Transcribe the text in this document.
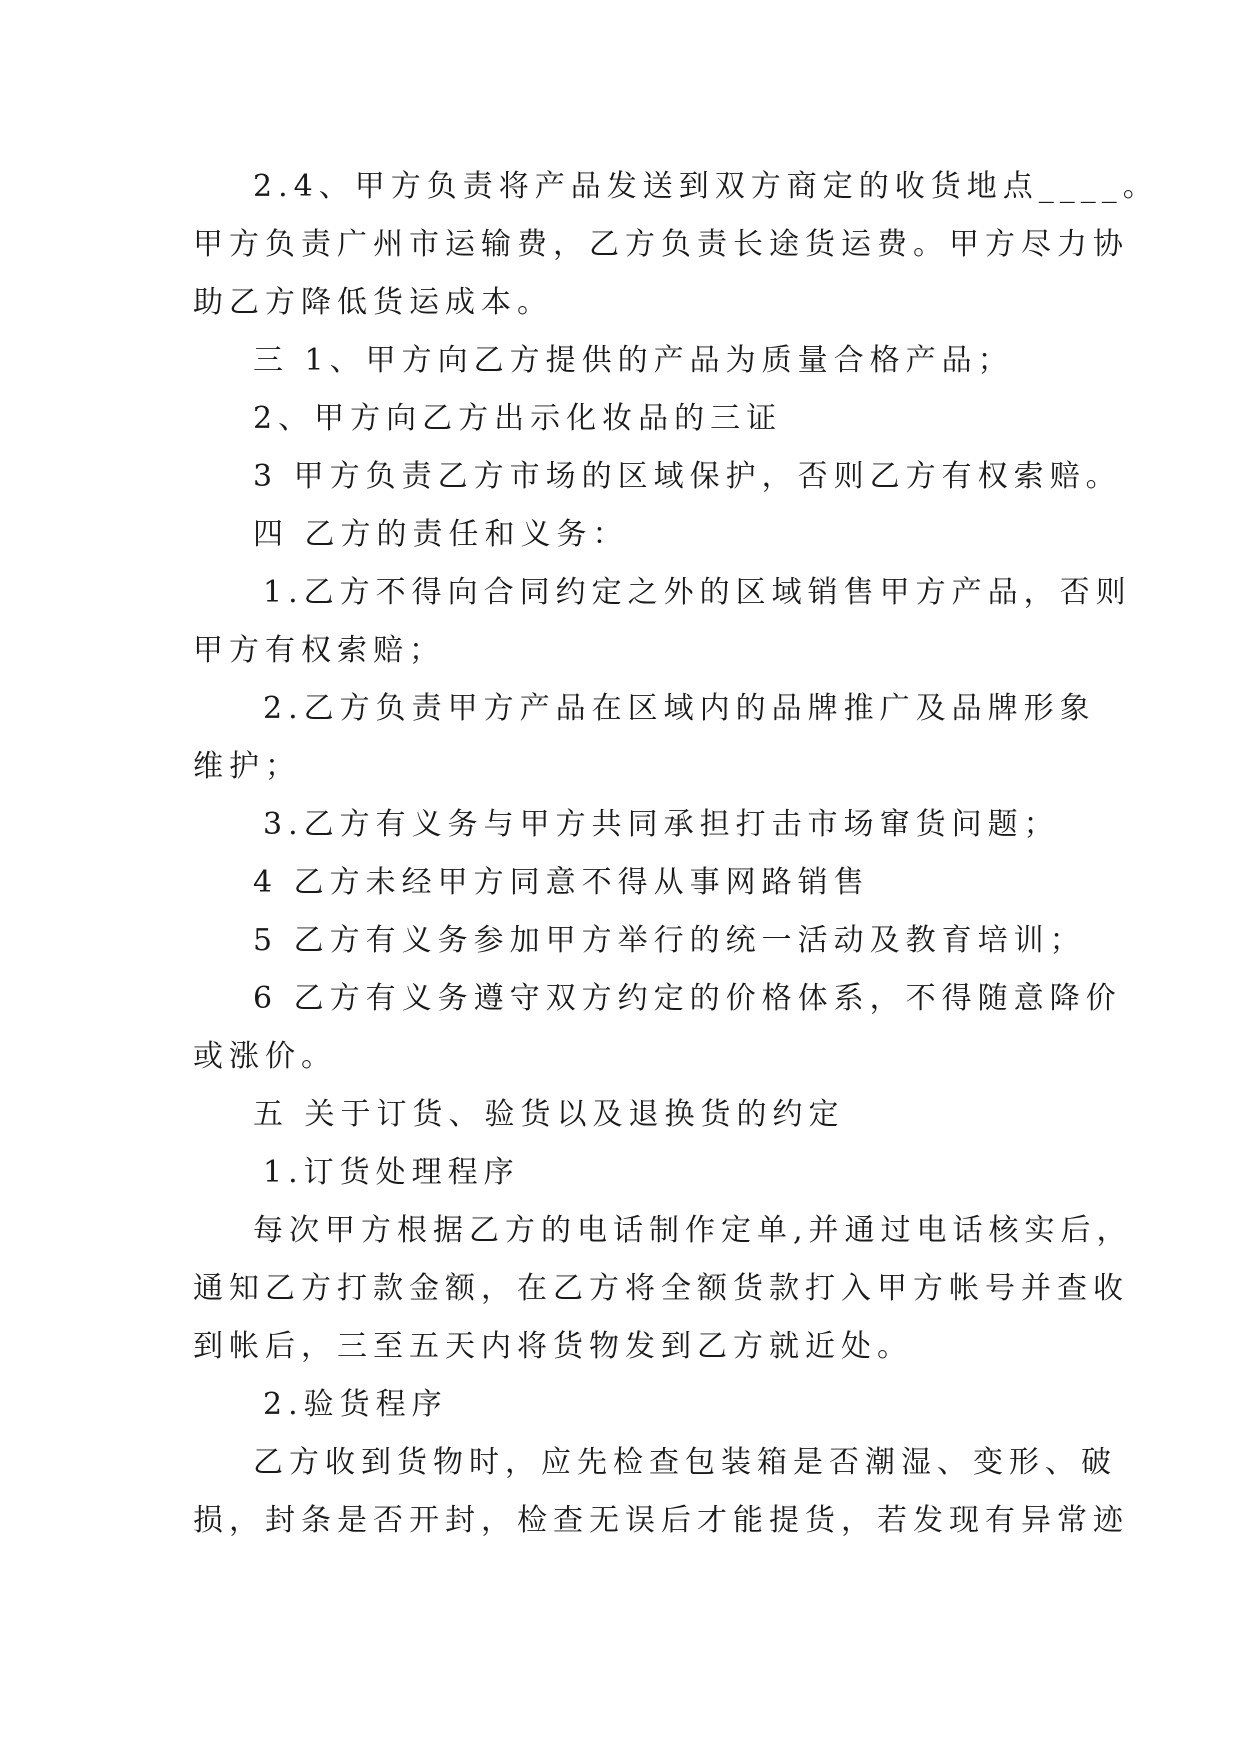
2.4、甲方负责将产品发送到双方商定的收货地点____。
甲方负责广州市运输费，乙方负责长途货运费。甲方尽力协
助乙方降低货运成本。
三 1、甲方向乙方提供的产品为质量合格产品；
2、甲方向乙方出示化妆品的三证
3 甲方负责乙方市场的区域保护，否则乙方有权索赔。
四 乙方的责任和义务：
1.乙方不得向合同约定之外的区域销售甲方产品，否则
甲方有权索赔；
2.乙方负责甲方产品在区域内的品牌推广及品牌形象
维护；
3.乙方有义务与甲方共同承担打击市场窜货问题；
4 乙方未经甲方同意不得从事网路销售
5 乙方有义务参加甲方举行的统一活动及教育培训；
6 乙方有义务遵守双方约定的价格体系，不得随意降价
或涨价。
五 关于订货、验货以及退换货的约定
1.订货处理程序
每次甲方根据乙方的电话制作定单,并通过电话核实后，
通知乙方打款金额，在乙方将全额货款打入甲方帐号并查收
到帐后，三至五天内将货物发到乙方就近处。
2.验货程序
乙方收到货物时，应先检查包装箱是否潮湿、变形、破
损，封条是否开封，检查无误后才能提货，若发现有异常迹
